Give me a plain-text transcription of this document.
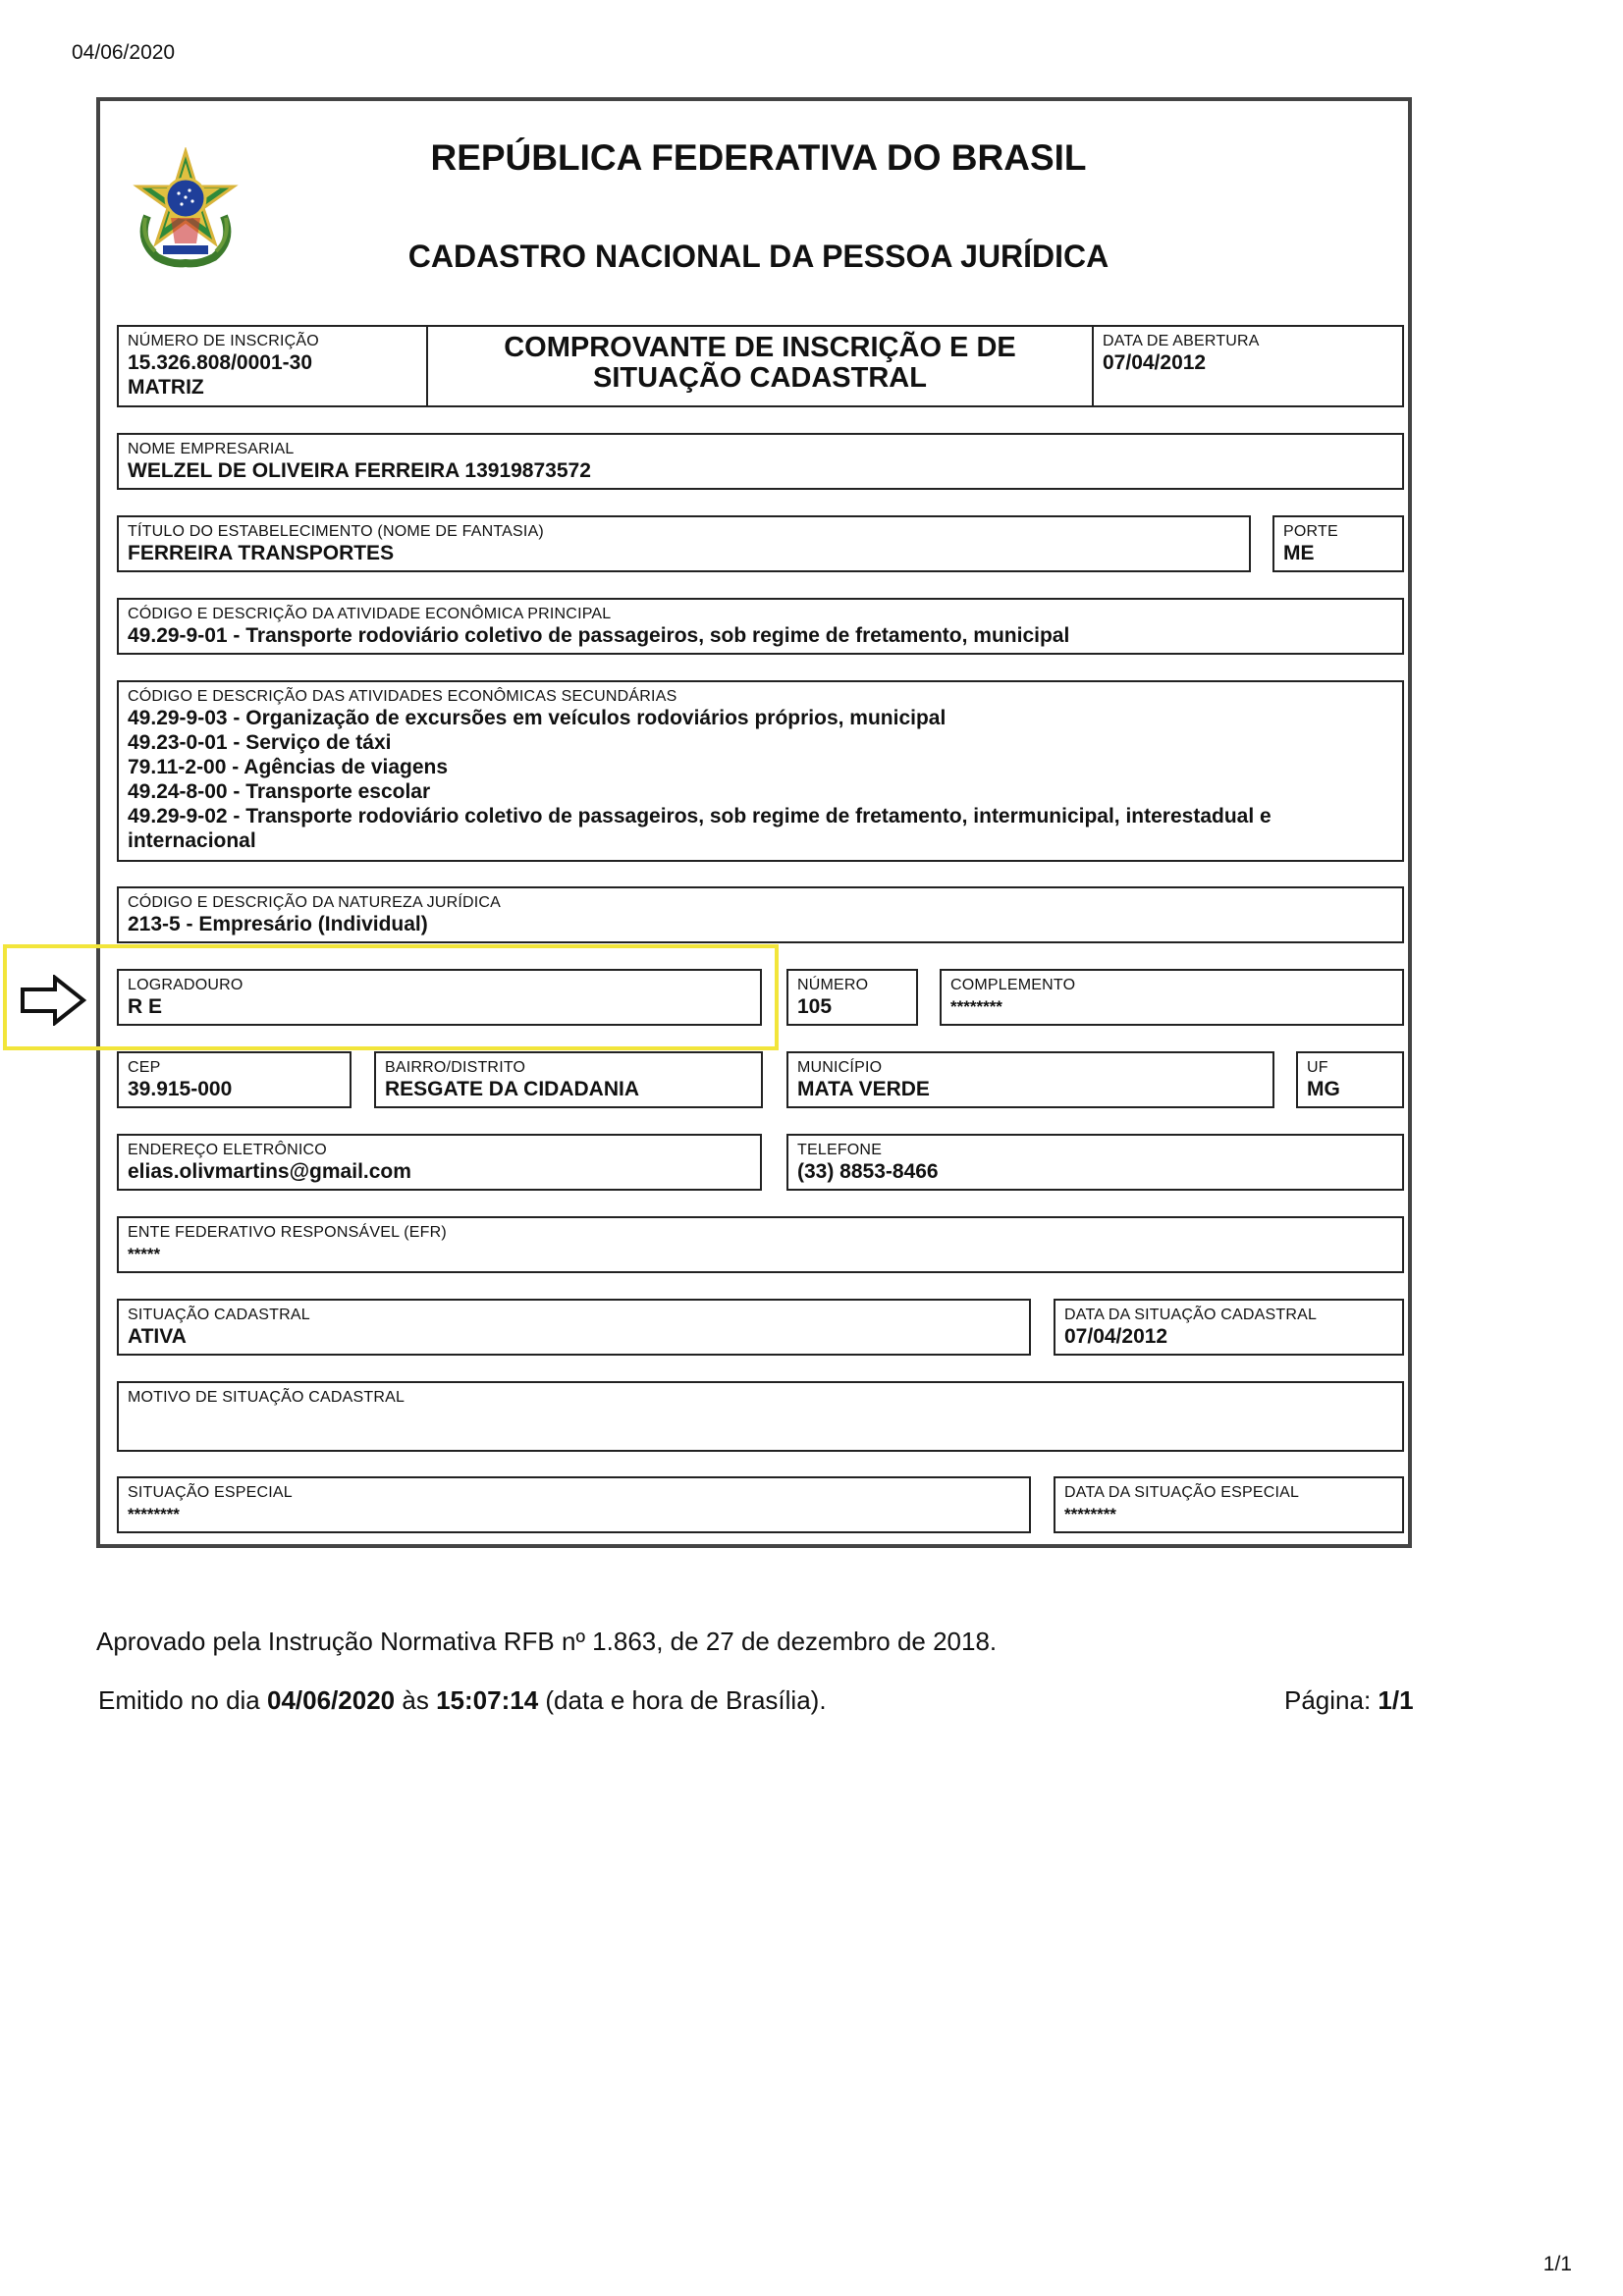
04/06/2020
REPÚBLICA FEDERATIVA DO BRASIL
CADASTRO NACIONAL DA PESSOA JURÍDICA
NÚMERO DE INSCRIÇÃO
15.326.808/0001-30
MATRIZ
COMPROVANTE DE INSCRIÇÃO E DE SITUAÇÃO CADASTRAL
DATA DE ABERTURA
07/04/2012
NOME EMPRESARIAL
WELZEL DE OLIVEIRA FERREIRA 13919873572
TÍTULO DO ESTABELECIMENTO (NOME DE FANTASIA)
FERREIRA TRANSPORTES
PORTE
ME
CÓDIGO E DESCRIÇÃO DA ATIVIDADE ECONÔMICA PRINCIPAL
49.29-9-01 - Transporte rodoviário coletivo de passageiros, sob regime de fretamento, municipal
CÓDIGO E DESCRIÇÃO DAS ATIVIDADES ECONÔMICAS SECUNDÁRIAS
49.29-9-03 - Organização de excursões em veículos rodoviários próprios, municipal
49.23-0-01 - Serviço de táxi
79.11-2-00 - Agências de viagens
49.24-8-00 - Transporte escolar
49.29-9-02 - Transporte rodoviário coletivo de passageiros, sob regime de fretamento, intermunicipal, interestadual e
internacional
CÓDIGO E DESCRIÇÃO DA NATUREZA JURÍDICA
213-5 - Empresário (Individual)
LOGRADOURO
R E
NÚMERO
105
COMPLEMENTO
********
CEP
39.915-000
BAIRRO/DISTRITO
RESGATE DA CIDADANIA
MUNICÍPIO
MATA VERDE
UF
MG
ENDEREÇO ELETRÔNICO
elias.olivmartins@gmail.com
TELEFONE
(33) 8853-8466
ENTE FEDERATIVO RESPONSÁVEL (EFR)
*****
SITUAÇÃO CADASTRAL
ATIVA
DATA DA SITUAÇÃO CADASTRAL
07/04/2012
MOTIVO DE SITUAÇÃO CADASTRAL
SITUAÇÃO ESPECIAL
********
DATA DA SITUAÇÃO ESPECIAL
********
Aprovado pela Instrução Normativa RFB nº 1.863, de 27 de dezembro de 2018.
Emitido no dia 04/06/2020 às 15:07:14 (data e hora de Brasília).	Página: 1/1
1/1
